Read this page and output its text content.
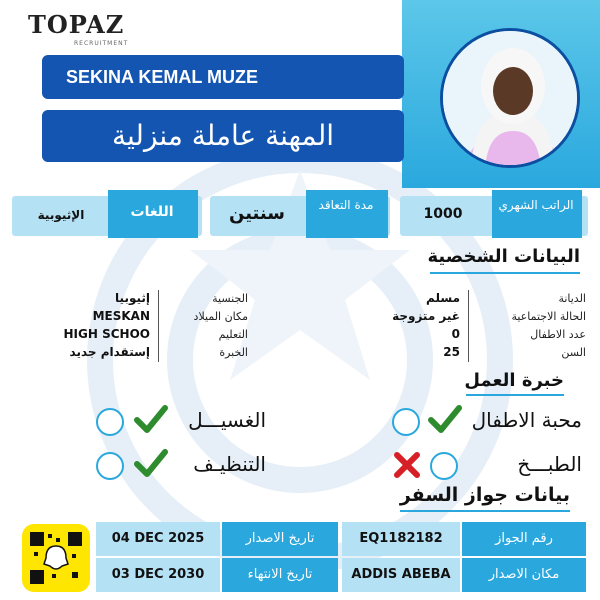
TOPAZ
RECRUITMENT
SEKINA KEMAL MUZE
المهنة عاملة منزلية
الراتب الشهري
1000
مدة التعاقد
سنتين
اللغات
الإثيوبية
البيانات الشخصية
الديانة
مسلم
الحالة الاجتماعية
غير متزوجة
عدد الاطفال
0
السن
25
الجنسية
إثيوبيا
مكان الميلاد
MESKAN
التعليم
HIGH SCHOO
الخبرة
إستقدام جديد
خبرة العمل
محبة الاطفال
الغسيـــل
الطبـــخ
التنظيـف
بيانات جواز السفر
رقم الجواز
EQ1182182
تاريخ الاصدار
04 DEC 2025
مكان الاصدار
ADDIS ABEBA
تاريخ الانتهاء
03 DEC 2030
